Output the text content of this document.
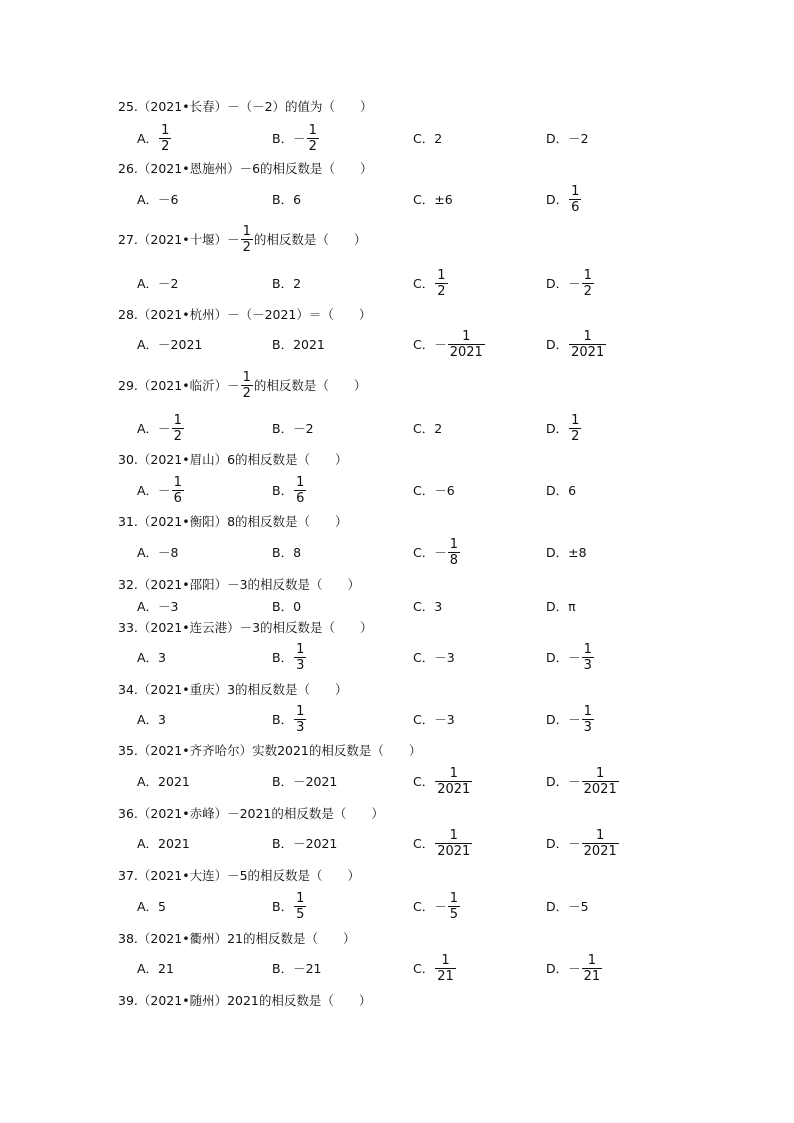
25.（2021•长春）－（－2）的值为（　　）
A． $\frac{1}{2}$	B．－ $\frac{1}{2}$	C．2	D．－2
26.（2021•恩施州）－6的相反数是（　　）
A．－6	B．6	C．±6	D． $\frac{1}{6}$
27.（2021•十堰）－ $\frac{1}{2}$ 的相反数是（　　）
A．－2	B．2	C． $\frac{1}{2}$	D．－ $\frac{1}{2}$
28.（2021•杭州）－（－2021）＝（　　）
A．－2021	B．2021	C．－ $\frac{1}{2021}$	D． $\frac{1}{2021}$
29.（2021•临沂）－ $\frac{1}{2}$ 的相反数是（　　）
A．－ $\frac{1}{2}$	B．－2	C．2	D． $\frac{1}{2}$
30.（2021•眉山）6的相反数是（　　）
A．－ $\frac{1}{6}$	B． $\frac{1}{6}$	C．－6	D．6
31.（2021•衡阳）8的相反数是（　　）
A．－8	B．8	C．－ $\frac{1}{8}$	D．±8
32.（2021•邵阳）－3的相反数是（　　）
A．－3	B．0	C．3	D．π
33.（2021•连云港）－3的相反数是（　　）
A．3	B． $\frac{1}{3}$	C．－3	D．－ $\frac{1}{3}$
34.（2021•重庆）3的相反数是（　　）
A．3	B． $\frac{1}{3}$	C．－3	D．－ $\frac{1}{3}$
35.（2021•齐齐哈尔）实数2021的相反数是（　　）
A．2021	B．－2021	C． $\frac{1}{2021}$	D．－ $\frac{1}{2021}$
36.（2021•赤峰）－2021的相反数是（　　）
A．2021	B．－2021	C． $\frac{1}{2021}$	D．－ $\frac{1}{2021}$
37.（2021•大连）－5的相反数是（　　）
A．5	B． $\frac{1}{5}$	C．－ $\frac{1}{5}$	D．－5
38.（2021•衢州）21的相反数是（　　）
A．21	B．－21	C． $\frac{1}{21}$	D．－ $\frac{1}{21}$
39.（2021•随州）2021的相反数是（　　）
